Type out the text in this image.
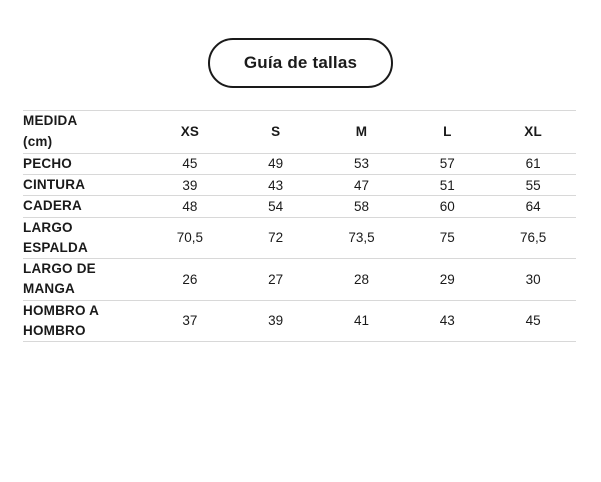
Guía de tallas
MEDIDA
(cm)	XS	S	M	L	XL

PECHO	45	49	53	57	61

CINTURA	39	43	47	51	55

CADERA	48	54	58	60	64

LARGO
ESPALDA	70,5	72	73,5	75	76,5

LARGO DE
MANGA	26	27	28	29	30

HOMBRO A
HOMBRO	37	39	41	43	45
